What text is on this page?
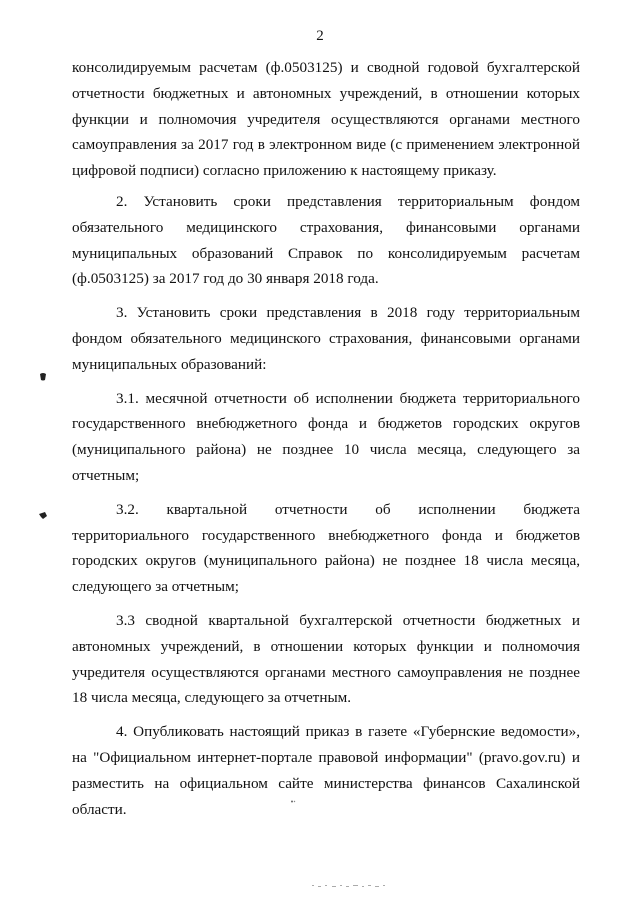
2

консолидируемым расчетам (ф.0503125) и сводной годовой бухгалтерской отчетности бюджетных и автономных учреждений, в отношении которых функции и полномочия учредителя осуществляются органами местного самоуправления за 2017 год в электронном виде (с применением электронной цифровой подписи) согласно приложению к настоящему приказу.

2. Установить сроки представления территориальным фондом обязательного медицинского страхования, финансовыми органами муниципальных образований Справок по консолидируемым расчетам (ф.0503125) за 2017 год до 30 января 2018 года.

3. Установить сроки представления в 2018 году территориальным фондом обязательного медицинского страхования, финансовыми органами муниципальных образований:

3.1. месячной отчетности об исполнении бюджета территориального государственного внебюджетного фонда и бюджетов городских округов (муниципального района) не позднее 10 числа месяца, следующего за отчетным;

3.2. квартальной отчетности об исполнении бюджета территориального государственного внебюджетного фонда и бюджетов городских округов (муниципального района) не позднее 18 числа месяца, следующего за отчетным;

3.3 сводной квартальной бухгалтерской отчетности бюджетных и автономных учреждений, в отношении которых функции и полномочия учредителя осуществляются органами местного самоуправления не позднее 18 числа месяца, следующего за отчетным.

4. Опубликовать настоящий приказ в газете «Губернские ведомости», на "Официальном интернет-портале правовой информации" (pravo.gov.ru) и разместить на официальном сайте министерства финансов Сахалинской области.
